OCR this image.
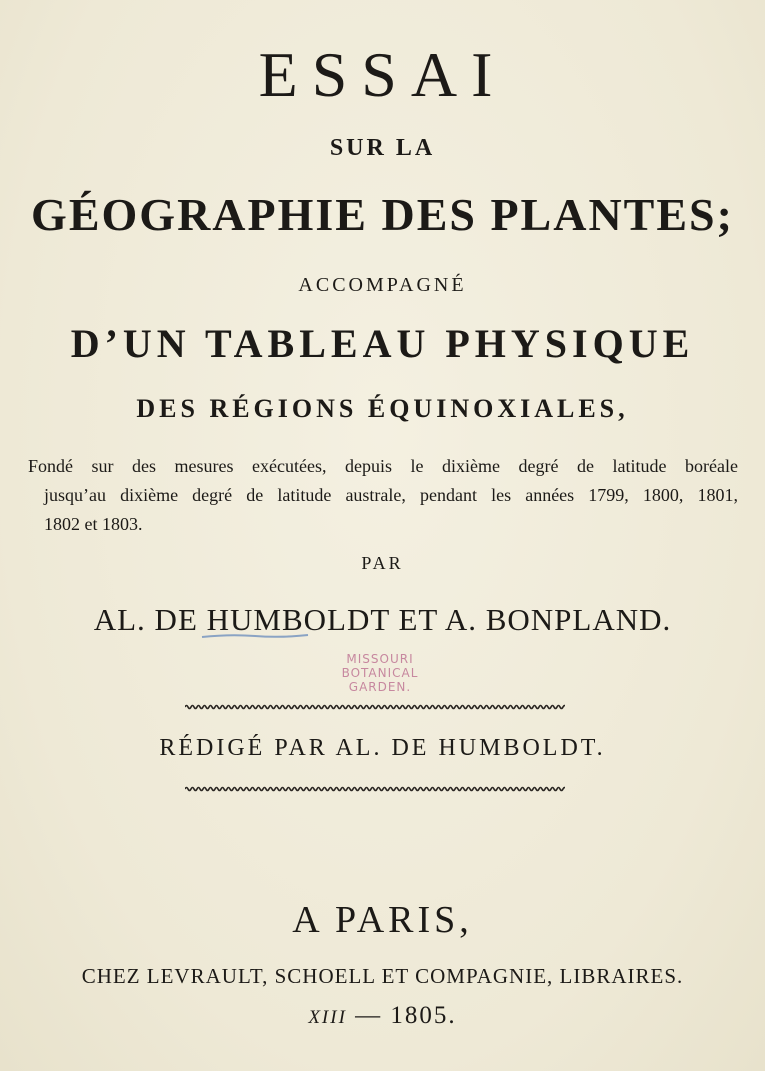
ESSAI
SUR LA
GÉOGRAPHIE DES PLANTES;
ACCOMPAGNÉ
D’UN TABLEAU PHYSIQUE
DES RÉGIONS ÉQUINOXIALES,
Fondé sur des mesures exécutées, depuis le dixième degré de latitude boréale
jusqu’au dixième degré de latitude australe, pendant les années 1799, 1800, 1801,
1802 et 1803.
PAR
AL. DE HUMBOLDT ET A. BONPLAND.
MISSOURI
BOTANICAL
GARDEN.
RÉDIGÉ PAR AL. DE HUMBOLDT.
A PARIS,
CHEZ LEVRAULT, SCHOELL ET COMPAGNIE, LIBRAIRES.
XIII — 1805.
